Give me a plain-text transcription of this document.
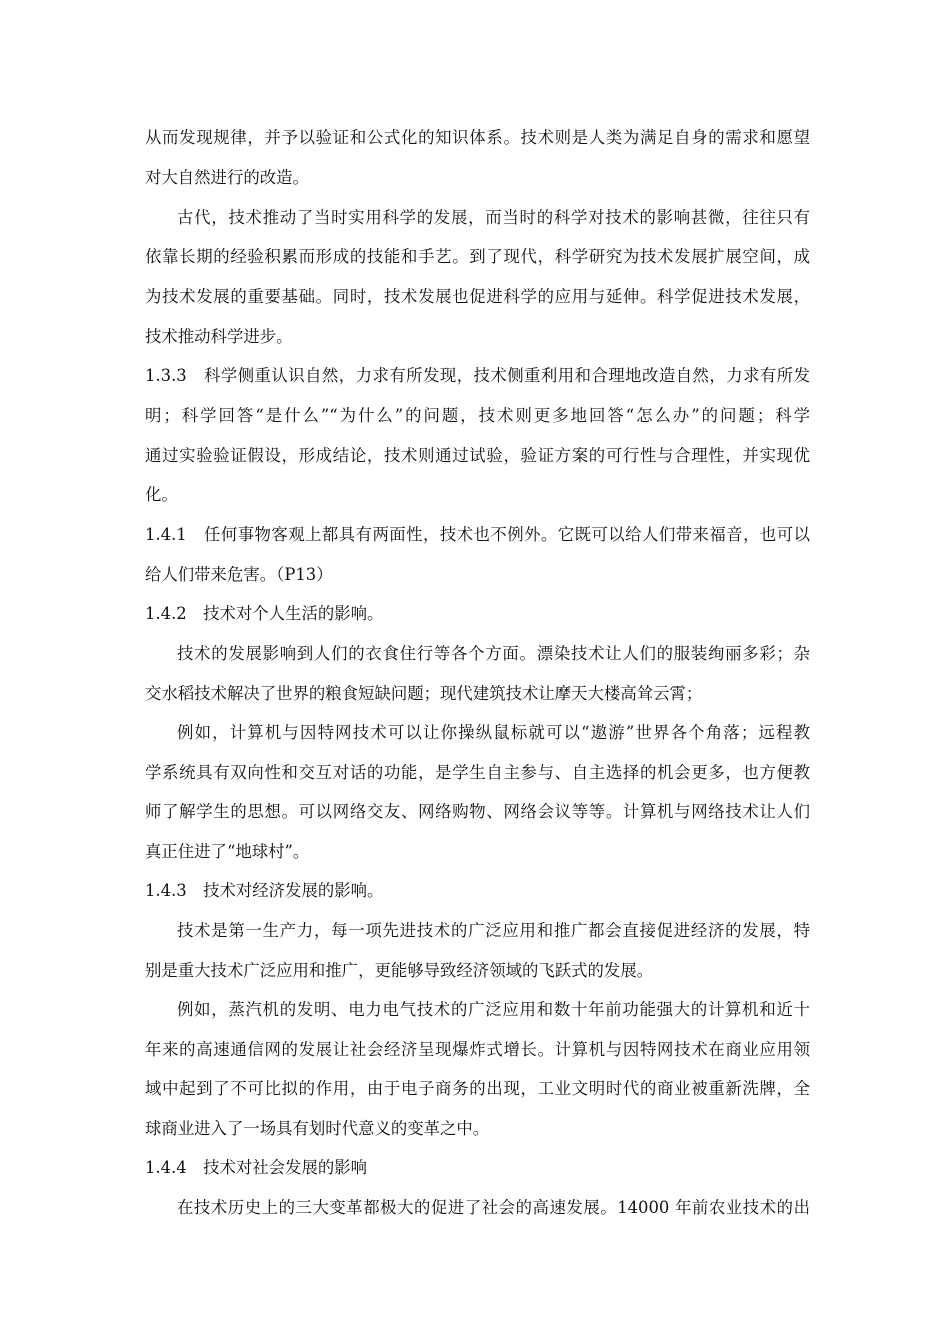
从而发现规律，并予以验证和公式化的知识体系。技术则是人类为满足自身的需求和愿望
对大自然进行的改造。
古代，技术推动了当时实用科学的发展，而当时的科学对技术的影响甚微，往往只有
依靠长期的经验积累而形成的技能和手艺。到了现代，科学研究为技术发展扩展空间，成
为技术发展的重要基础。同时，技术发展也促进科学的应用与延伸。科学促进技术发展，
技术推动科学进步。
1.3.3　科学侧重认识自然，力求有所发现，技术侧重利用和合理地改造自然，力求有所发
明；科学回答“是什么”“为什么”的问题，技术则更多地回答“怎么办”的问题；科学
通过实验验证假设，形成结论，技术则通过试验，验证方案的可行性与合理性，并实现优
化。
1.4.1　任何事物客观上都具有两面性，技术也不例外。它既可以给人们带来福音，也可以
给人们带来危害。（P13）
1.4.2　技术对个人生活的影响。
技术的发展影响到人们的衣食住行等各个方面。漂染技术让人们的服装绚丽多彩；杂
交水稻技术解决了世界的粮食短缺问题；现代建筑技术让摩天大楼高耸云霄；
例如，计算机与因特网技术可以让你操纵鼠标就可以“遨游”世界各个角落；远程教
学系统具有双向性和交互对话的功能，是学生自主参与、自主选择的机会更多，也方便教
师了解学生的思想。可以网络交友、网络购物、网络会议等等。计算机与网络技术让人们
真正住进了“地球村”。
1.4.3　技术对经济发展的影响。
技术是第一生产力，每一项先进技术的广泛应用和推广都会直接促进经济的发展，特
别是重大技术广泛应用和推广，更能够导致经济领域的飞跃式的发展。
例如，蒸汽机的发明、电力电气技术的广泛应用和数十年前功能强大的计算机和近十
年来的高速通信网的发展让社会经济呈现爆炸式增长。计算机与因特网技术在商业应用领
域中起到了不可比拟的作用，由于电子商务的出现，工业文明时代的商业被重新洗牌，全
球商业进入了一场具有划时代意义的变革之中。
1.4.4　技术对社会发展的影响
在技术历史上的三大变革都极大的促进了社会的高速发展。14000 年前农业技术的出
